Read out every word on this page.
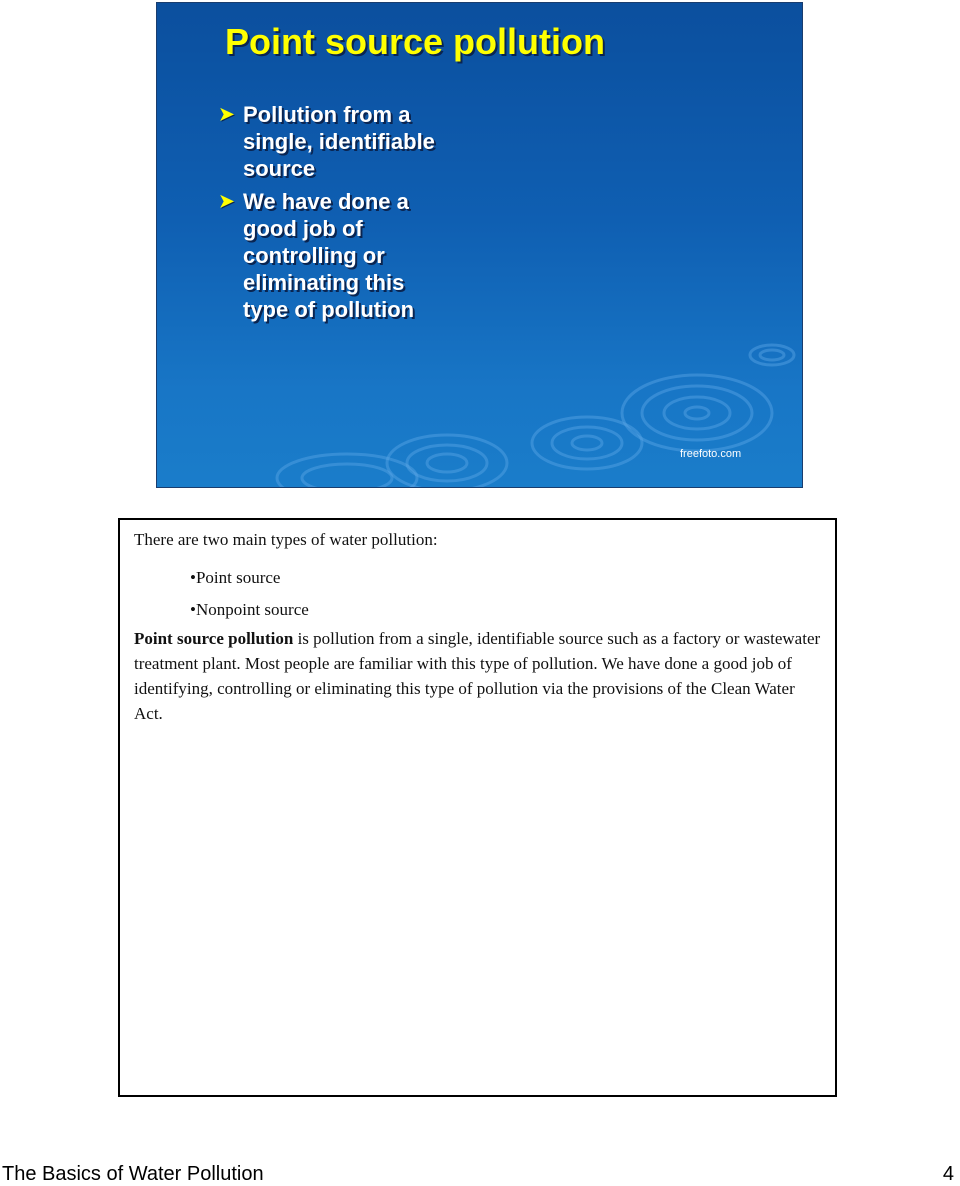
Point source pollution
➤ Pollution from a single, identifiable source
➤ We have done a good job of controlling or eliminating this type of pollution
freefoto.com

There are two main types of water pollution:

•Point source
•Nonpoint source

Point source pollution is pollution from a single, identifiable source such as a factory or wastewater treatment plant. Most people are familiar with this type of pollution. We have done a good job of identifying, controlling or eliminating this type of pollution via the provisions of the Clean Water Act.

The Basics of Water Pollution	4
